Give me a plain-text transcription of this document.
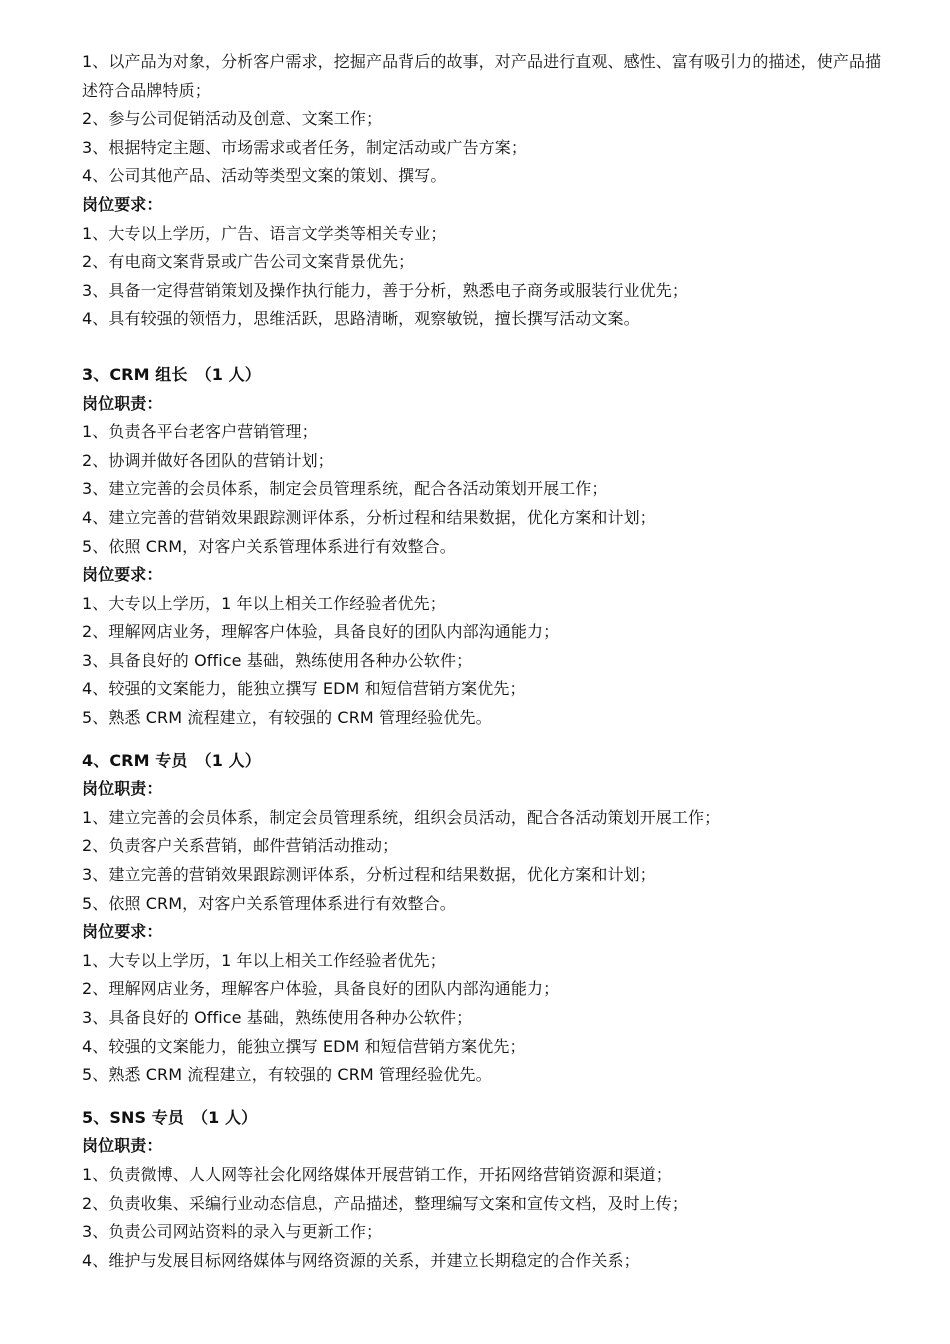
1、以产品为对象，分析客户需求，挖掘产品背后的故事，对产品进行直观、感性、富有吸引力的描述，使产品描述符合品牌特质；
2、参与公司促销活动及创意、文案工作；
3、根据特定主题、市场需求或者任务，制定活动或广告方案；
4、公司其他产品、活动等类型文案的策划、撰写。
岗位要求：
1、大专以上学历，广告、语言文学类等相关专业；
2、有电商文案背景或广告公司文案背景优先；
3、具备一定得营销策划及操作执行能力，善于分析，熟悉电子商务或服装行业优先；
4、具有较强的领悟力，思维活跃，思路清晰，观察敏锐，擅长撰写活动文案。
3、CRM 组长　（1 人）
岗位职责：
1、负责各平台老客户营销管理；
2、协调并做好各团队的营销计划；
3、建立完善的会员体系，制定会员管理系统，配合各活动策划开展工作；
4、建立完善的营销效果跟踪测评体系，分析过程和结果数据，优化方案和计划；
5、依照 CRM，对客户关系管理体系进行有效整合。
岗位要求：
1、大专以上学历，1 年以上相关工作经验者优先；
2、理解网店业务，理解客户体验，具备良好的团队内部沟通能力；
3、具备良好的 Office 基础，熟练使用各种办公软件；
4、较强的文案能力，能独立撰写 EDM 和短信营销方案优先；
5、熟悉 CRM 流程建立，有较强的 CRM 管理经验优先。
4、CRM 专员　（1 人）
岗位职责：
1、建立完善的会员体系，制定会员管理系统，组织会员活动，配合各活动策划开展工作；
2、负责客户关系营销，邮件营销活动推动；
3、建立完善的营销效果跟踪测评体系，分析过程和结果数据，优化方案和计划；
5、依照 CRM，对客户关系管理体系进行有效整合。
岗位要求：
1、大专以上学历，1 年以上相关工作经验者优先；
2、理解网店业务，理解客户体验，具备良好的团队内部沟通能力；
3、具备良好的 Office 基础，熟练使用各种办公软件；
4、较强的文案能力，能独立撰写 EDM 和短信营销方案优先；
5、熟悉 CRM 流程建立，有较强的 CRM 管理经验优先。
5、SNS 专员　（1 人）
岗位职责：
1、负责微博、人人网等社会化网络媒体开展营销工作，开拓网络营销资源和渠道；
2、负责收集、采编行业动态信息，产品描述，整理编写文案和宣传文档，及时上传；
3、负责公司网站资料的录入与更新工作；
4、维护与发展目标网络媒体与网络资源的关系，并建立长期稳定的合作关系；
